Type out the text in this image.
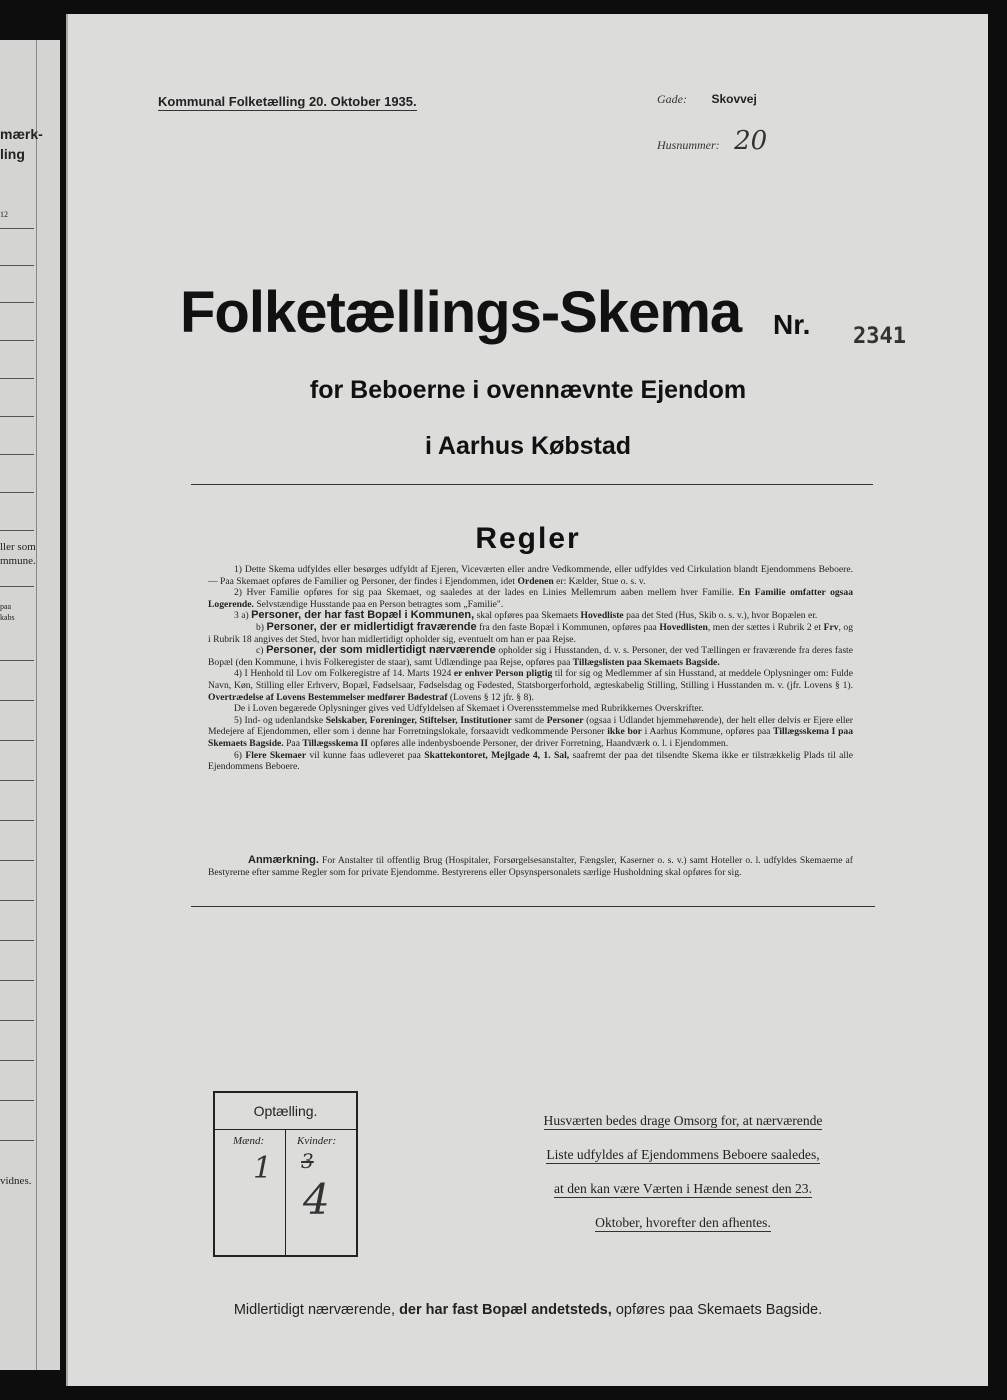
mærk-
ling
12
ller som
mmune.
paa
kabs
vidnes.
Kommunal Folketælling 20. Oktober 1935.	Gade: Skovvej
Husnummer: 20
Folketællings-Skema Nr. 2341
for Beboerne i ovennævnte Ejendom
i Aarhus Købstad
Regler

1) Dette Skema udfyldes eller besørges udfyldt af Ejeren, Viceværten eller andre Vedkommende, eller udfyldes ved Cirkulation blandt Ejendommens Beboere. — Paa Skemaet opføres de Familier og Personer, der findes i Ejendommen, idet Ordenen er: Kælder, Stue o. s. v.

2) Hver Familie opføres for sig paa Skemaet, og saaledes at der lades en Linies Mellemrum aaben mellem hver Familie. En Familie omfatter ogsaa Logerende. Selvstændige Husstande paa en Person betragtes som „Familie".

3 a) Personer, der har fast Bopæl i Kommunen, skal opføres paa Skemaets Hovedliste paa det Sted (Hus, Skib o. s. v.), hvor Bopælen er.

b) Personer, der er midlertidigt fraværende fra den faste Bopæl i Kommunen, opføres paa Hovedlisten, men der sættes i Rubrik 2 et Frv, og i Rubrik 18 angives det Sted, hvor han midlertidigt opholder sig, eventuelt om han er paa Rejse.

c) Personer, der som midlertidigt nærværende opholder sig i Husstanden, d. v. s. Personer, der ved Tællingen er fraværende fra deres faste Bopæl (den Kommune, i hvis Folkeregister de staar), samt Udlændinge paa Rejse, opføres paa Tillægslisten paa Skemaets Bagside.

4) I Henhold til Lov om Folkeregistre af 14. Marts 1924 er enhver Person pligtig til for sig og Medlemmer af sin Husstand, at meddele Oplysninger om: Fulde Navn, Køn, Stilling eller Erhverv, Bopæl, Fødselsaar, Fødselsdag og Fødested, Statsborgerforhold, ægteskabelig Stilling, Stilling i Husstanden m. v. (jfr. Lovens § 1). Overtrædelse af Lovens Bestemmelser medfører Bødestraf (Lovens § 12 jfr. § 8).

De i Loven begærede Oplysninger gives ved Udfyldelsen af Skemaet i Overensstemmelse med Rubrikkernes Overskrifter.

5) Ind- og udenlandske Selskaber, Foreninger, Stiftelser, Institutioner samt de Personer (ogsaa i Udlandet hjemmehørende), der helt eller delvis er Ejere eller Medejere af Ejendommen, eller som i denne har Forretningslokale, forsaavidt vedkommende Personer ikke bor i Aarhus Kommune, opføres paa Tillægsskema I paa Skemaets Bagside. Paa Tillægsskema II opføres alle indenbysboende Personer, der driver Forretning, Haandværk o. l. i Ejendommen.

6) Flere Skemaer vil kunne faas udleveret paa Skattekontoret, Mejlgade 4, 1. Sal, saafremt der paa det tilsendte Skema ikke er tilstrækkelig Plads til alle Ejendommens Beboere.

Anmærkning. For Anstalter til offentlig Brug (Hospitaler, Forsørgelsesanstalter, Fængsler, Kaserner o. s. v.) samt Hoteller o. l. udfyldes Skemaerne af Bestyrerne efter samme Regler som for private Ejendomme. Bestyrerens eller Opsynspersonalets særlige Husholdning skal opføres for sig.

Optælling.
Mænd:	Kvinder:
1 3
4
Husværten bedes drage Omsorg for, at nærværende
Liste udfyldes af Ejendommens Beboere saaledes,
at den kan være Værten i Hænde senest den 23.
Oktober, hvorefter den afhentes.
Midlertidigt nærværende, der har fast Bopæl andetsteds, opføres paa Skemaets Bagside.
